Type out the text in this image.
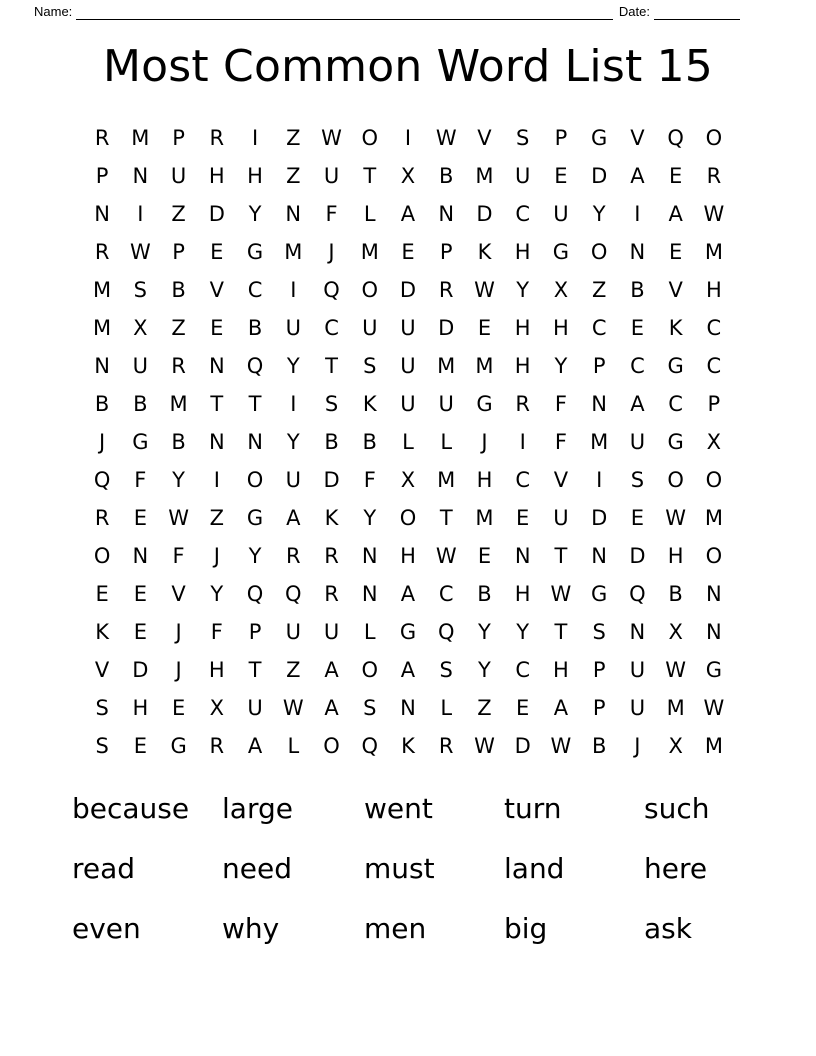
Name:	Date:
Most Common Word List 15
R	M	P	R	I	Z	W	O	I	W	V	S	P	G	V	Q	O
P	N	U	H	H	Z	U	T	X	B	M	U	E	D	A	E	R
N	I	Z	D	Y	N	F	L	A	N	D	C	U	Y	I	A	W
R	W	P	E	G	M	J	M	E	P	K	H	G	O	N	E	M
M	S	B	V	C	I	Q	O	D	R	W	Y	X	Z	B	V	H
M	X	Z	E	B	U	C	U	U	D	E	H	H	C	E	K	C
N	U	R	N	Q	Y	T	S	U	M	M	H	Y	P	C	G	C
B	B	M	T	T	I	S	K	U	U	G	R	F	N	A	C	P
J	G	B	N	N	Y	B	B	L	L	J	I	F	M	U	G	X
Q	F	Y	I	O	U	D	F	X	M	H	C	V	I	S	O	O
R	E	W	Z	G	A	K	Y	O	T	M	E	U	D	E	W	M
O	N	F	J	Y	R	R	N	H	W	E	N	T	N	D	H	O
E	E	V	Y	Q	Q	R	N	A	C	B	H	W	G	Q	B	N
K	E	J	F	P	U	U	L	G	Q	Y	Y	T	S	N	X	N
V	D	J	H	T	Z	A	O	A	S	Y	C	H	P	U	W	G
S	H	E	X	U	W	A	S	N	L	Z	E	A	P	U	M	W
S	E	G	R	A	L	O	Q	K	R	W	D	W	B	J	X	M
because	large	went	turn	such
read	need	must	land	here
even	why	men	big	ask
